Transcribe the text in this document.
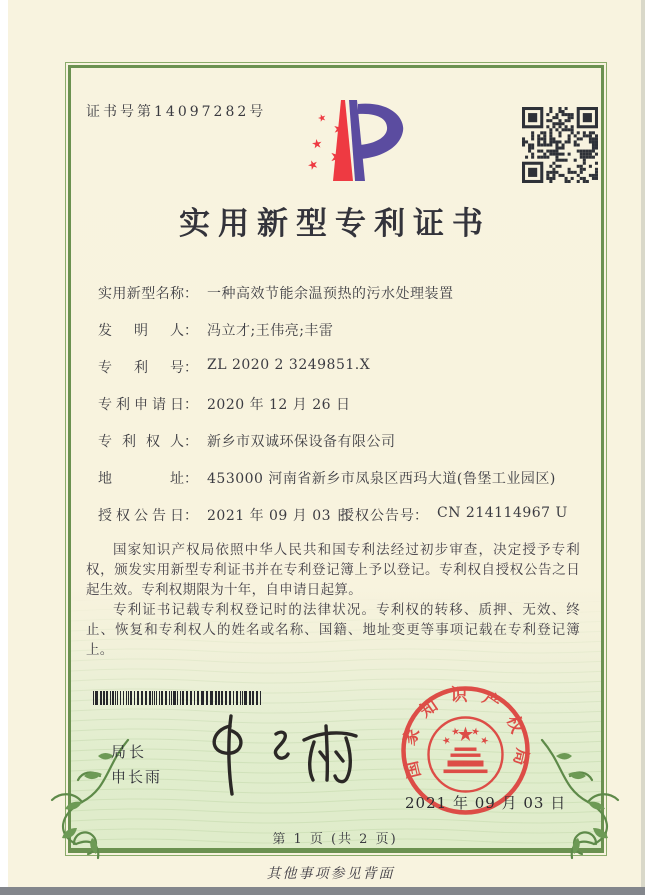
证书号第14097282号
实用新型专利证书
实用新型名称： 一种高效节能余温预热的污水处理装置
发明人： 冯立才;王伟亮;丰雷
专利号： ZL 2020 2 3249851.X
专利申请日： 2020 年 12 月 26 日
专利权人： 新乡市双诚环保设备有限公司
地址： 453000 河南省新乡市凤泉区西玛大道(鲁堡工业园区)
授权公告日： 2021 年 09 月 03 日
授权公告号： CN 214114967 U

国家知识产权局依照中华人民共和国专利法经过初步审查，决定授予专利权，颁发实用新型专利证书并在专利登记簿上予以登记。专利权自授权公告之日起生效。专利权期限为十年，自申请日起算。

专利证书记载专利权登记时的法律状况。专利权的转移、质押、无效、终止、恢复和专利权人的姓名或名称、国籍、地址变更等事项记载在专利登记簿上。

局长
申长雨	国家知识产权局
2021 年 09 月 03 日
第 1 页 (共 2 页)
其他事项参见背面
